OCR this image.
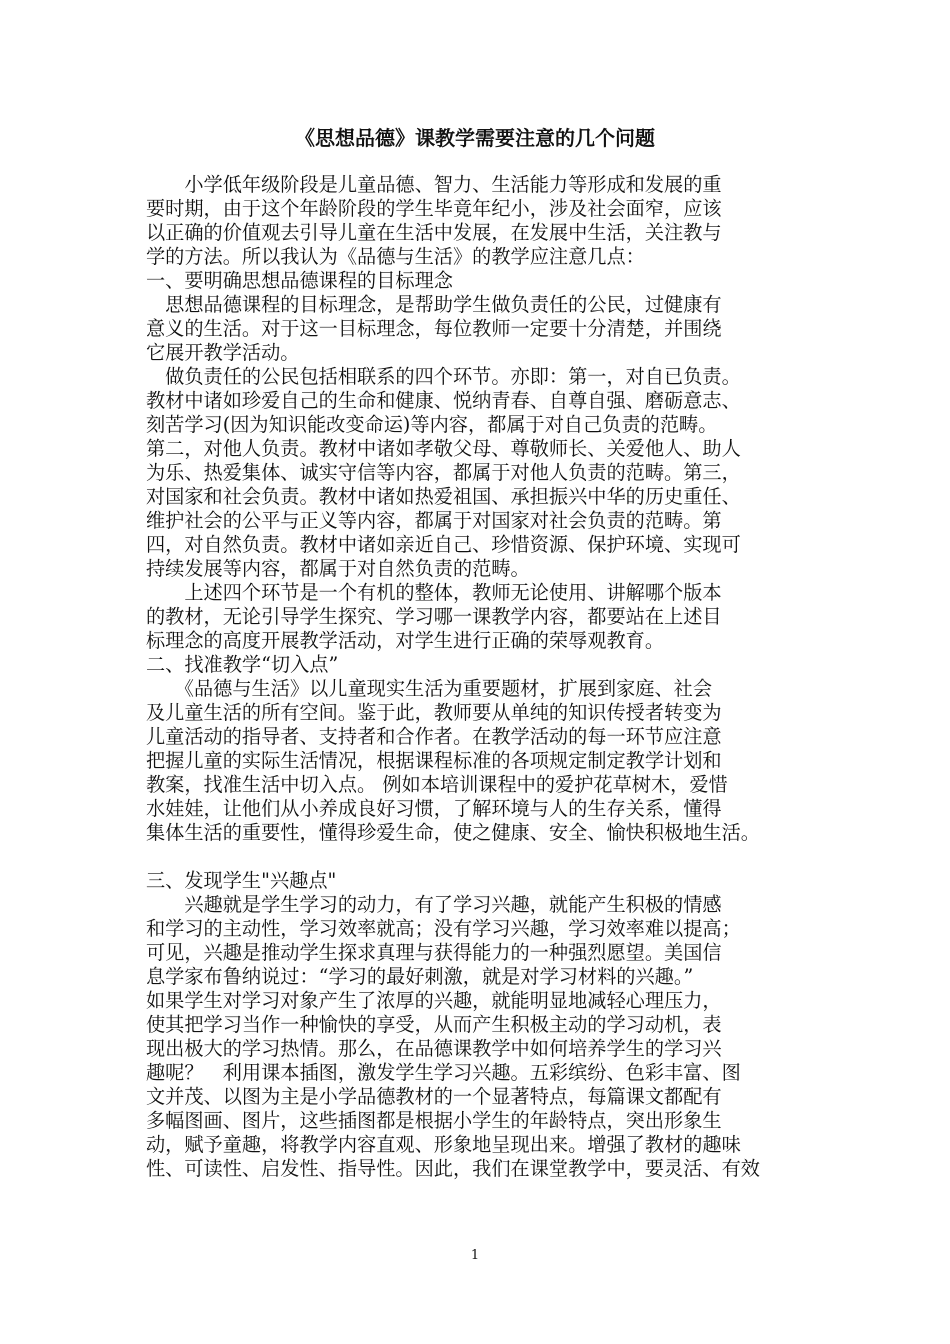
《思想品德》课教学需要注意的几个问题
　　小学低年级阶段是儿童品德、智力、生活能力等形成和发展的重
要时期，由于这个年龄阶段的学生毕竟年纪小，涉及社会面窄，应该
以正确的价值观去引导儿童在生活中发展，在发展中生活，关注教与
学的方法。所以我认为《品德与生活》的教学应注意几点：
一、要明确思想品德课程的目标理念
　思想品德课程的目标理念，是帮助学生做负责任的公民，过健康有
意义的生活。对于这一目标理念，每位教师一定要十分清楚，并围绕
它展开教学活动。
　做负责任的公民包括相联系的四个环节。亦即：第一，对自已负责。
教材中诸如珍爱自己的生命和健康、悦纳青春、自尊自强、磨砺意志、
刻苦学习(因为知识能改变命运)等内容，都属于对自己负责的范畴。
第二，对他人负责。教材中诸如孝敬父母、尊敬师长、关爱他人、助人
为乐、热爱集体、诚实守信等内容，都属于对他人负责的范畴。第三，
对国家和社会负责。教材中诸如热爱祖国、承担振兴中华的历史重任、
维护社会的公平与正义等内容，都属于对国家对社会负责的范畴。第
四，对自然负责。教材中诸如亲近自己、珍惜资源、保护环境、实现可
持续发展等内容，都属于对自然负责的范畴。
　　上述四个环节是一个有机的整体，教师无论使用、讲解哪个版本
的教材，无论引导学生探究、学习哪一课教学内容，都要站在上述目
标理念的高度开展教学活动，对学生进行正确的荣辱观教育。
二、找准教学“切入点”
　　《品德与生活》以儿童现实生活为重要题材，扩展到家庭、社会
及儿童生活的所有空间。鉴于此，教师要从单纯的知识传授者转变为
儿童活动的指导者、支持者和合作者。在教学活动的每一环节应注意
把握儿童的实际生活情况，根据课程标准的各项规定制定教学计划和
教案，找准生活中切入点。 例如本培训课程中的爱护花草树木，爱惜
水娃娃，让他们从小养成良好习惯，了解环境与人的生存关系，懂得
集体生活的重要性，懂得珍爱生命，使之健康、安全、愉快积极地生活。
三、发现学生"兴趣点"
　　兴趣就是学生学习的动力，有了学习兴趣，就能产生积极的情感
和学习的主动性，学习效率就高；没有学习兴趣，学习效率难以提高；
可见，兴趣是推动学生探求真理与获得能力的一种强烈愿望。美国信
息学家布鲁纳说过：“学习的最好刺激，就是对学习材料的兴趣。”
如果学生对学习对象产生了浓厚的兴趣，就能明显地减轻心理压力，
使其把学习当作一种愉快的享受，从而产生积极主动的学习动机，表
现出极大的学习热情。那么，在品德课教学中如何培养学生的学习兴
趣呢？　利用课本插图，激发学生学习兴趣。五彩缤纷、色彩丰富、图
文并茂、以图为主是小学品德教材的一个显著特点，每篇课文都配有
多幅图画、图片，这些插图都是根据小学生的年龄特点，突出形象生
动，赋予童趣，将教学内容直观、形象地呈现出来。增强了教材的趣味
性、可读性、启发性、指导性。因此，我们在课堂教学中，要灵活、有效
1
